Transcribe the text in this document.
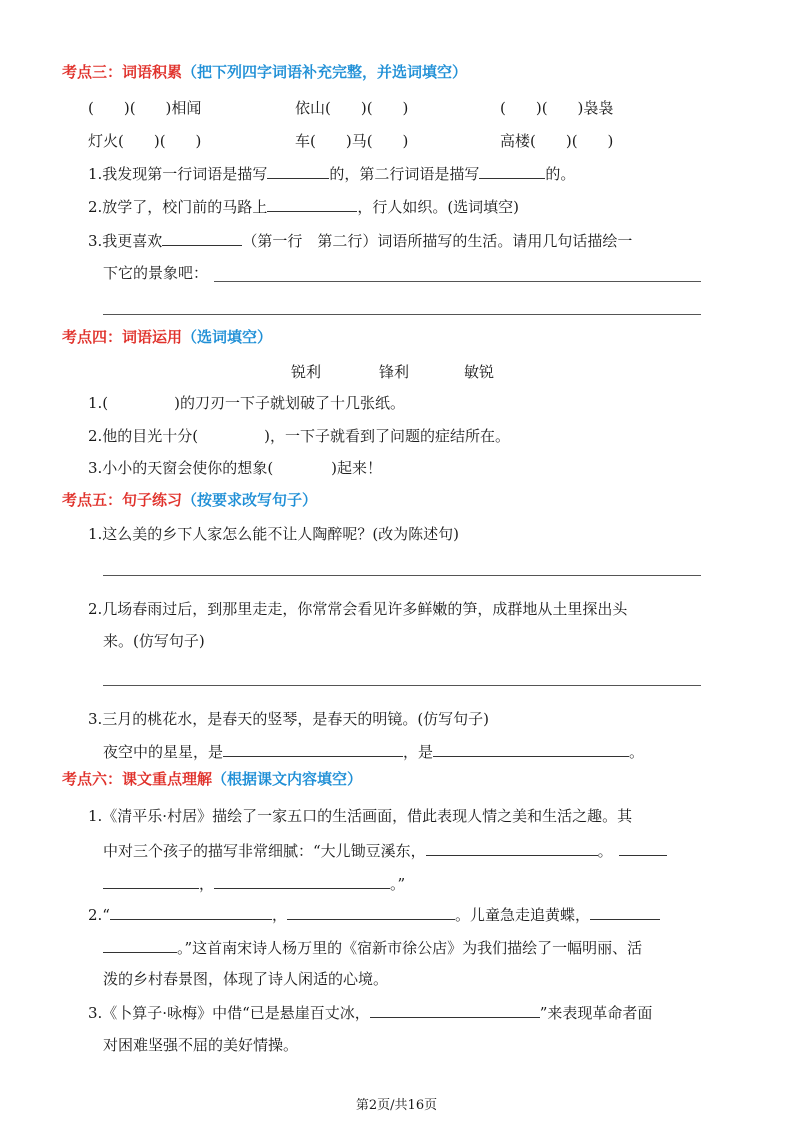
考点三：词语积累（把下列四字词语补充完整，并选词填空）
(　　)(　　)相闻	依山(　　)(　　)	(　　)(　　)袅袅
灯火(　　)(　　)	车(　　)马(　　)	高楼(　　)(　　)
1.我发现第一行词语是描写	的，第二行词语是描写	的。
2.放学了，校门前的马路上	，行人如织。(选词填空)
3.我更喜欢	（第一行　第二行）词语所描写的生活。请用几句话描绘一
下它的景象吧：
考点四：词语运用（选词填空）
锐利	锋利	敏锐
1.(	)的刀刃一下子就划破了十几张纸。
2.他的目光十分(	)，一下子就看到了问题的症结所在。
3.小小的天窗会使你的想象(	)起来！
考点五：句子练习（按要求改写句子）
1.这么美的乡下人家怎么能不让人陶醉呢？(改为陈述句)
2.几场春雨过后，到那里走走，你常常会看见许多鲜嫩的笋，成群地从土里探出头
来。(仿写句子)
3.三月的桃花水，是春天的竖琴，是春天的明镜。(仿写句子)
夜空中的星星，是	，是	。
考点六：课文重点理解（根据课文内容填空）
1.《清平乐·村居》描绘了一家五口的生活画面，借此表现人情之美和生活之趣。其
中对三个孩子的描写非常细腻：“大儿锄豆溪东，	。
，	。”
2.“	，	。儿童急走追黄蝶，
。”这首南宋诗人杨万里的《宿新市徐公店》为我们描绘了一幅明丽、活
泼的乡村春景图，体现了诗人闲适的心境。
3.《卜算子·咏梅》中借“已是悬崖百丈冰，	”来表现革命者面
对困难坚强不屈的美好情操。
第2页/共16页
